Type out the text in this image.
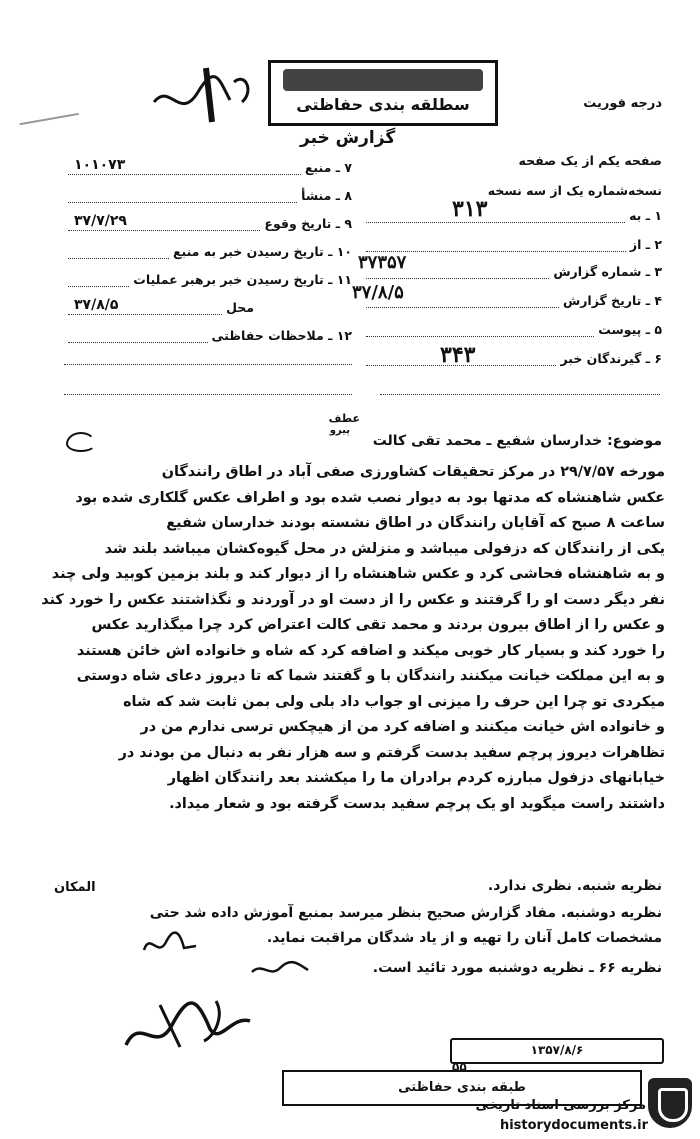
سطلقه بندی حفاظتی
گزارش خبر
درجه فوریت
صفحه یکم از یک صفحه
نسخه‌شماره یک از سه نسخه
۱ ـ به
۳۱۳
۲ ـ از
۳ ـ شماره گزارش
۳۷۳۵۷
۴ ـ تاریخ گزارش
۳۷/۸/۵
۵ ـ پیوست
۶ ـ گیرندگان خبر
۳۴۳
۷ ـ منبع
۱۰۱۰۷۳
۸ ـ منشأ
۹ ـ تاریخ وقوع
۳۷/۷/۲۹
۱۰ ـ تاریخ رسیدن خبر به منبع
۱۱ ـ تاریخ رسیدن خبر برهبر عملیات
محل
۳۷/۸/۵
۱۲ ـ ملاحظات حفاظتی
عطف
پیرو
موضوع: خدارسان شفیع ـ محمد تقی کالت

مورخه ۲۹/۷/۵۷ در مرکز تحقیقات کشاورزی صفی آباد در اطاق رانندگان

عکس شاهنشاه که مدتها بود به دیوار نصب شده بود و اطراف عکس گلکاری شده بود

ساعت ۸ صبح که آقایان رانندگان در اطاق نشسته بودند خدارسان شفیع

یکی از رانندگان که دزفولی میباشد و منزلش در محل گیوه‌کشان میباشد بلند شد

و به شاهنشاه فحاشی کرد و عکس شاهنشاه را از دیوار کند و بلند بزمین کوبید ولی چند

نفر دیگر دست او را گرفتند و عکس را از دست او در آوردند و نگذاشتند عکس را خورد کند

و عکس را از اطاق بیرون بردند و محمد تقی کالت اعتراض کرد چرا میگذارید عکس

را خورد کند و بسیار کار خوبی میکند و اضافه کرد که شاه و خانواده اش خائن هستند

و به این مملکت خیانت میکنند رانندگان با و گفتند شما که تا دیروز دعای شاه دوستی

میکردی تو چرا این حرف را میزنی او جواب داد بلی ولی بمن ثابت شد که شاه

و خانواده اش خیانت میکنند و اضافه کرد من از هیچکس ترسی ندارم من در

تظاهرات دیروز پرچم سفید بدست گرفتم و سه هزار نفر به دنبال من بودند در

خیابانهای دزفول مبارزه کردم برادران ما را میکشند بعد رانندگان اظهار

داشتند راست میگوید او یک پرچم سفید بدست گرفته بود و شعار میداد.

نظریه شنبه. نظری ندارد.
المکان
نظریه دوشنبه. مفاد گزارش صحیح بنظر میرسد بمنبع آموزش داده شد حتی
مشخصات کامل آنان را تهیه و از یاد شدگان مراقبت نماید.
نظریه ۶۶ ـ نظریه دوشنبه مورد تائید است.
۱۳۵۷/۸/۶
۵۵
طبقه بندی حفاظتی
مرکز بررسی اسناد تاریخی
historydocuments.ir
